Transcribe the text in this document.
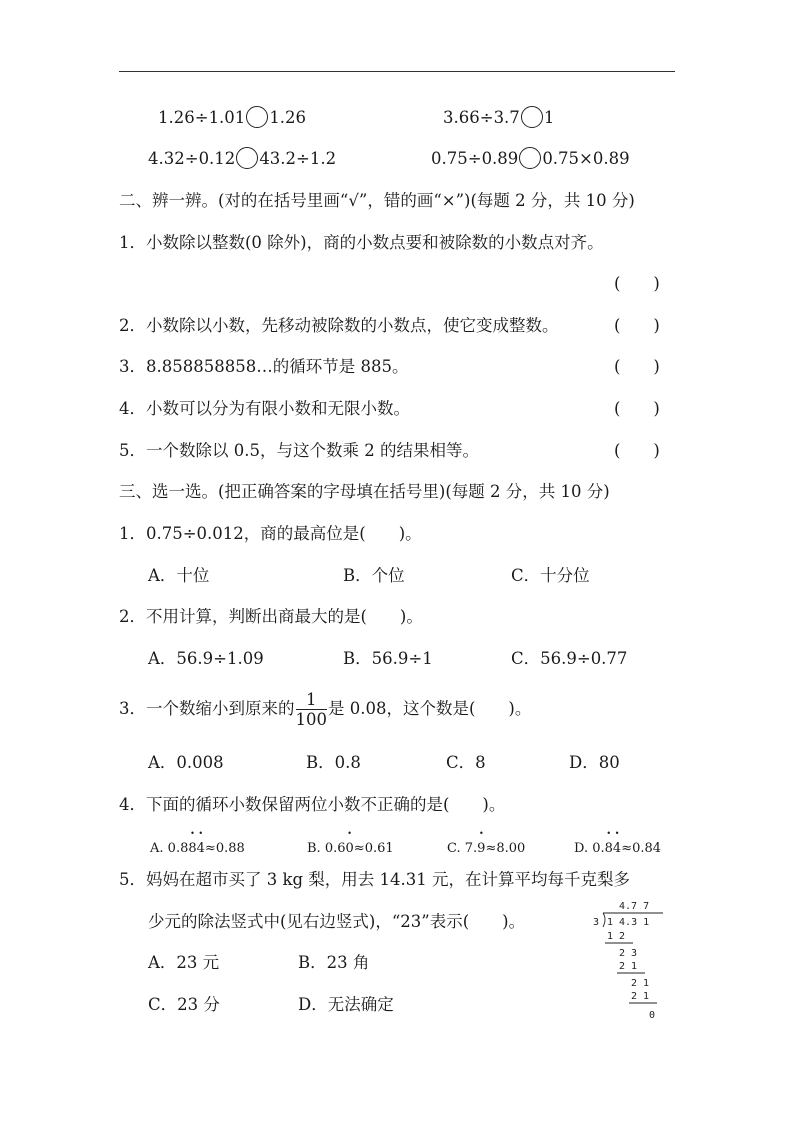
1.26÷1.01 1.26	3.66÷3.7 1
4.32÷0.12 43.2÷1.2	0.75÷0.89 0.75×0.89
二、辨一辨。(对的在括号里画“√”，错的画“×”)(每题 2 分，共 10 分)
1．小数除以整数(0 除外)，商的小数点要和被除数的小数点对齐。
(　　)
2．小数除以小数，先移动被除数的小数点，使它变成整数。	(　　)
3．8.858858858…的循环节是 885。	(　　)
4．小数可以分为有限小数和无限小数。	(　　)
5．一个数除以 0.5，与这个数乘 2 的结果相等。	(　　)
三、选一选。(把正确答案的字母填在括号里)(每题 2 分，共 10 分)
1．0.75÷0.012，商的最高位是(　　)。
A．十位	B．个位	C．十分位
2．不用计算，判断出商最大的是(　　)。
A．56.9÷1.09	B．56.9÷1	C．56.9÷0.77
3．一个数缩小到原来的 $\frac{1}{100}$ 是 0.08，这个数是(　　)。
A．0.008	B．0.8	C．8	D．80
4．下面的循环小数保留两位小数不正确的是(　　)。
A. 0.8• 8• 4≈0.88	B. 0.6• 0≈0.61	C. 7.• 9≈8.00	D. 0.• 8• 4≈0.84
5．妈妈在超市买了 3 kg 梨，用去 14.31 元，在计算平均每千克梨多
少元的除法竖式中(见右边竖式)，“23”表示(　　)。
A．23 元	B．23 角
C．23 分	D．无法确定
4.7 7
3 1 4.3 1
1 2
2 3
2 1
2 1
2 1
0
